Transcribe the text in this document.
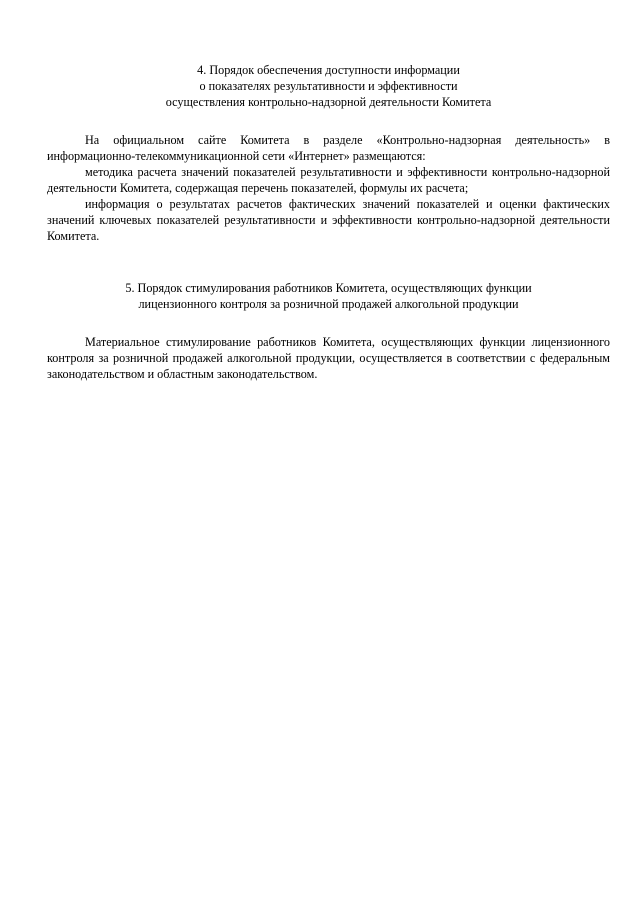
4. Порядок обеспечения доступности информации
о показателях результативности и эффективности
осуществления контрольно-надзорной деятельности Комитета

На официальном сайте Комитета в разделе «Контрольно-надзорная деятельность» в информационно-телекоммуникационной сети «Интернет» размещаются:

методика расчета значений показателей результативности и эффективности контрольно-надзорной деятельности Комитета, содержащая перечень показателей, формулы их расчета;

информация о результатах расчетов фактических значений показателей и оценки фактических значений ключевых показателей результативности и эффективности контрольно-надзорной деятельности Комитета.

5. Порядок стимулирования работников Комитета, осуществляющих функции
лицензионного контроля за розничной продажей алкогольной продукции

Материальное стимулирование работников Комитета, осуществляющих функции лицензионного контроля за розничной продажей алкогольной продукции, осуществляется в соответствии с федеральным законодательством и областным законодательством.
